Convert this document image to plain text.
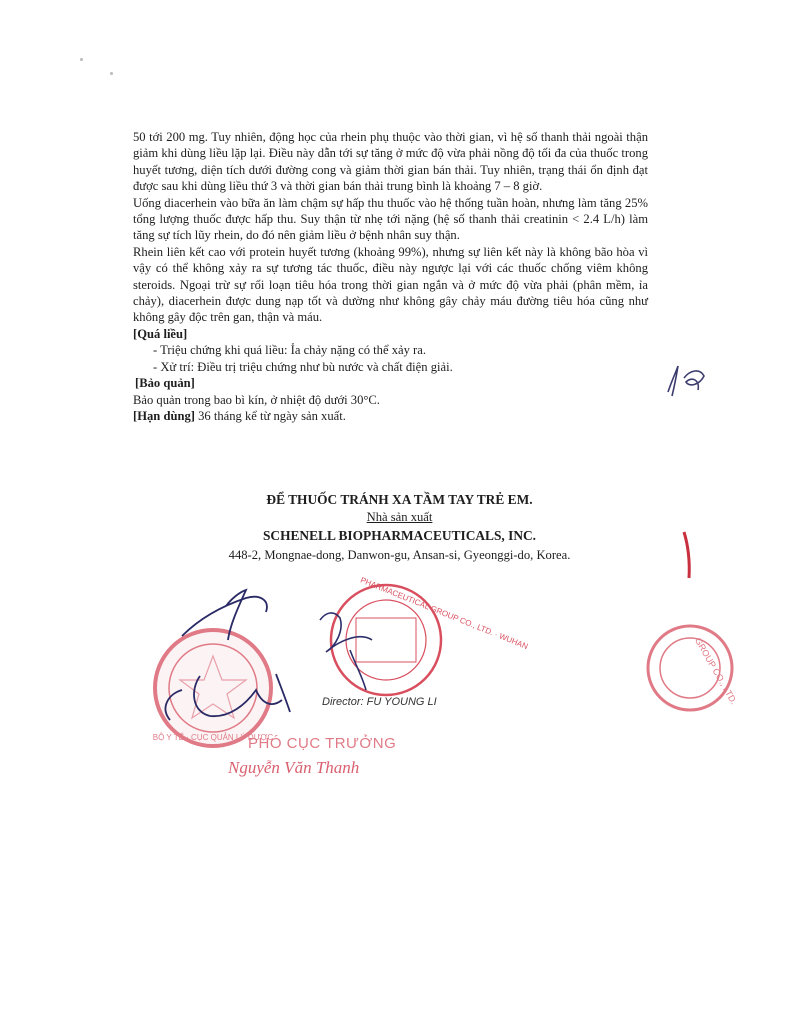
50 tới 200 mg. Tuy nhiên, động học của rhein phụ thuộc vào thời gian, vì hệ số thanh thải ngoài thận giảm khi dùng liều lặp lại. Điều này dẫn tới sự tăng ở mức độ vừa phải nồng độ tối đa của thuốc trong huyết tương, diện tích dưới đường cong và giảm thời gian bán thải. Tuy nhiên, trạng thái ổn định đạt được sau khi dùng liều thứ 3 và thời gian bán thải trung bình là khoảng 7 – 8 giờ.

Uống diacerhein vào bữa ăn làm chậm sự hấp thu thuốc vào hệ thống tuần hoàn, nhưng làm tăng 25% tổng lượng thuốc được hấp thu. Suy thận từ nhẹ tới nặng (hệ số thanh thải creatinin < 2.4 L/h) làm tăng sự tích lũy rhein, do đó nên giảm liều ở bệnh nhân suy thận.

Rhein liên kết cao với protein huyết tương (khoảng 99%), nhưng sự liên kết này là không bão hòa vì vậy có thể không xảy ra sự tương tác thuốc, điều này ngược lại với các thuốc chống viêm không steroids. Ngoại trừ sự rối loạn tiêu hóa trong thời gian ngắn và ở mức độ vừa phải (phân mềm, ỉa chảy), diacerhein được dung nạp tốt và dường như không gây chảy máu đường tiêu hóa cũng như không gây độc trên gan, thận và máu.

[Quá liều]

- Triệu chứng khi quá liều: Ỉa chảy nặng có thể xảy ra.

- Xử trí: Điều trị triệu chứng như bù nước và chất điện giải.

[Bảo quản]

Bảo quản trong bao bì kín, ở nhiệt độ dưới 30°C.

[Hạn dùng] 36 tháng kể từ ngày sản xuất.

ĐỂ THUỐC TRÁNH XA TẦM TAY TRẺ EM.
Nhà sản xuất
SCHENELL BIOPHARMACEUTICALS, INC.
448-2, Mongnae-dong, Danwon-gu, Ansan-si, Gyeonggi-do, Korea.
GROUP CO., LTD.
BỘ Y TẾ · CỤC QUẢN LÝ DƯỢC
PHARMACEUTICAL GROUP CO., LTD. · WUHAN
Director: FU YOUNG LI
PHÓ CỤC TRƯỞNG
Nguyễn Văn Thanh
